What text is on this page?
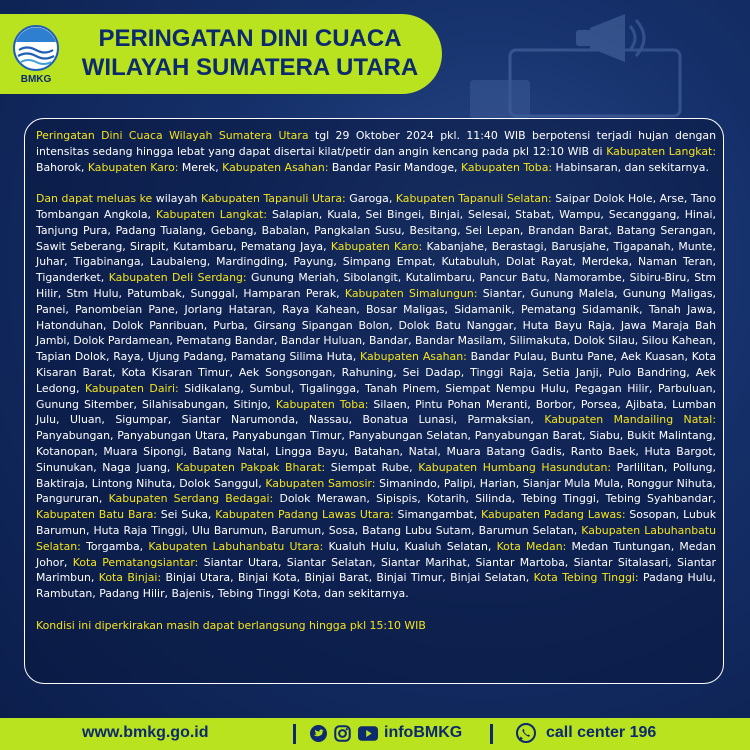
BMKG
PERINGATAN DINI CUACA
WILAYAH SUMATERA UTARA

Peringatan Dini Cuaca Wilayah Sumatera Utara tgl 29 Oktober 2024 pkl. 11:40 WIB berpotensi terjadi hujan dengan intensitas sedang hingga lebat yang dapat disertai kilat/petir dan angin kencang pada pkl 12:10 WIB di Kabupaten Langkat: Bahorok, Kabupaten Karo: Merek, Kabupaten Asahan: Bandar Pasir Mandoge, Kabupaten Toba: Habinsaran, dan sekitarnya.

Dan dapat meluas ke wilayah Kabupaten Tapanuli Utara: Garoga, Kabupaten Tapanuli Selatan: Saipar Dolok Hole, Arse, Tano Tombangan Angkola, Kabupaten Langkat: Salapian, Kuala, Sei Bingei, Binjai, Selesai, Stabat, Wampu, Secanggang, Hinai, Tanjung Pura, Padang Tualang, Gebang, Babalan, Pangkalan Susu, Besitang, Sei Lepan, Brandan Barat, Batang Serangan, Sawit Seberang, Sirapit, Kutambaru, Pematang Jaya, Kabupaten Karo: Kabanjahe, Berastagi, Barusjahe, Tigapanah, Munte, Juhar, Tigabinanga, Laubaleng, Mardingding, Payung, Simpang Empat, Kutabuluh, Dolat Rayat, Merdeka, Naman Teran, Tiganderket, Kabupaten Deli Serdang: Gunung Meriah, Sibolangit, Kutalimbaru, Pancur Batu, Namorambe, Sibiru-Biru, Stm Hilir, Stm Hulu, Patumbak, Sunggal, Hamparan Perak, Kabupaten Simalungun: Siantar, Gunung Malela, Gunung Maligas, Panei, Panombeian Pane, Jorlang Hataran, Raya Kahean, Bosar Maligas, Sidamanik, Pematang Sidamanik, Tanah Jawa, Hatonduhan, Dolok Panribuan, Purba, Girsang Sipangan Bolon, Dolok Batu Nanggar, Huta Bayu Raja, Jawa Maraja Bah Jambi, Dolok Pardamean, Pematang Bandar, Bandar Huluan, Bandar, Bandar Masilam, Silimakuta, Dolok Silau, Silou Kahean, Tapian Dolok, Raya, Ujung Padang, Pamatang Silima Huta, Kabupaten Asahan: Bandar Pulau, Buntu Pane, Aek Kuasan, Kota Kisaran Barat, Kota Kisaran Timur, Aek Songsongan, Rahuning, Sei Dadap, Tinggi Raja, Setia Janji, Pulo Bandring, Aek Ledong, Kabupaten Dairi: Sidikalang, Sumbul, Tigalingga, Tanah Pinem, Siempat Nempu Hulu, Pegagan Hilir, Parbuluan, Gunung Sitember, Silahisabungan, Sitinjo, Kabupaten Toba: Silaen, Pintu Pohan Meranti, Borbor, Porsea, Ajibata, Lumban Julu, Uluan, Sigumpar, Siantar Narumonda, Nassau, Bonatua Lunasi, Parmaksian, Kabupaten Mandailing Natal: Panyabungan, Panyabungan Utara, Panyabungan Timur, Panyabungan Selatan, Panyabungan Barat, Siabu, Bukit Malintang, Kotanopan, Muara Sipongi, Batang Natal, Lingga Bayu, Batahan, Natal, Muara Batang Gadis, Ranto Baek, Huta Bargot, Sinunukan, Naga Juang, Kabupaten Pakpak Bharat: Siempat Rube, Kabupaten Humbang Hasundutan: Parlilitan, Pollung, Baktiraja, Lintong Nihuta, Dolok Sanggul, Kabupaten Samosir: Simanindo, Palipi, Harian, Sianjar Mula Mula, Ronggur Nihuta, Pangururan, Kabupaten Serdang Bedagai: Dolok Merawan, Sipispis, Kotarih, Silinda, Tebing Tinggi, Tebing Syahbandar, Kabupaten Batu Bara: Sei Suka, Kabupaten Padang Lawas Utara: Simangambat, Kabupaten Padang Lawas: Sosopan, Lubuk Barumun, Huta Raja Tinggi, Ulu Barumun, Barumun, Sosa, Batang Lubu Sutam, Barumun Selatan, Kabupaten Labuhanbatu Selatan: Torgamba, Kabupaten Labuhanbatu Utara: Kualuh Hulu, Kualuh Selatan, Kota Medan: Medan Tuntungan, Medan Johor, Kota Pematangsiantar: Siantar Utara, Siantar Selatan, Siantar Marihat, Siantar Martoba, Siantar Sitalasari, Siantar Marimbun, Kota Binjai: Binjai Utara, Binjai Kota, Binjai Barat, Binjai Timur, Binjai Selatan, Kota Tebing Tinggi: Padang Hulu, Rambutan, Padang Hilir, Bajenis, Tebing Tinggi Kota, dan sekitarnya.

Kondisi ini diperkirakan masih dapat berlangsung hingga pkl 15:10 WIB

www.bmkg.go.id	infoBMKG	call center 196
